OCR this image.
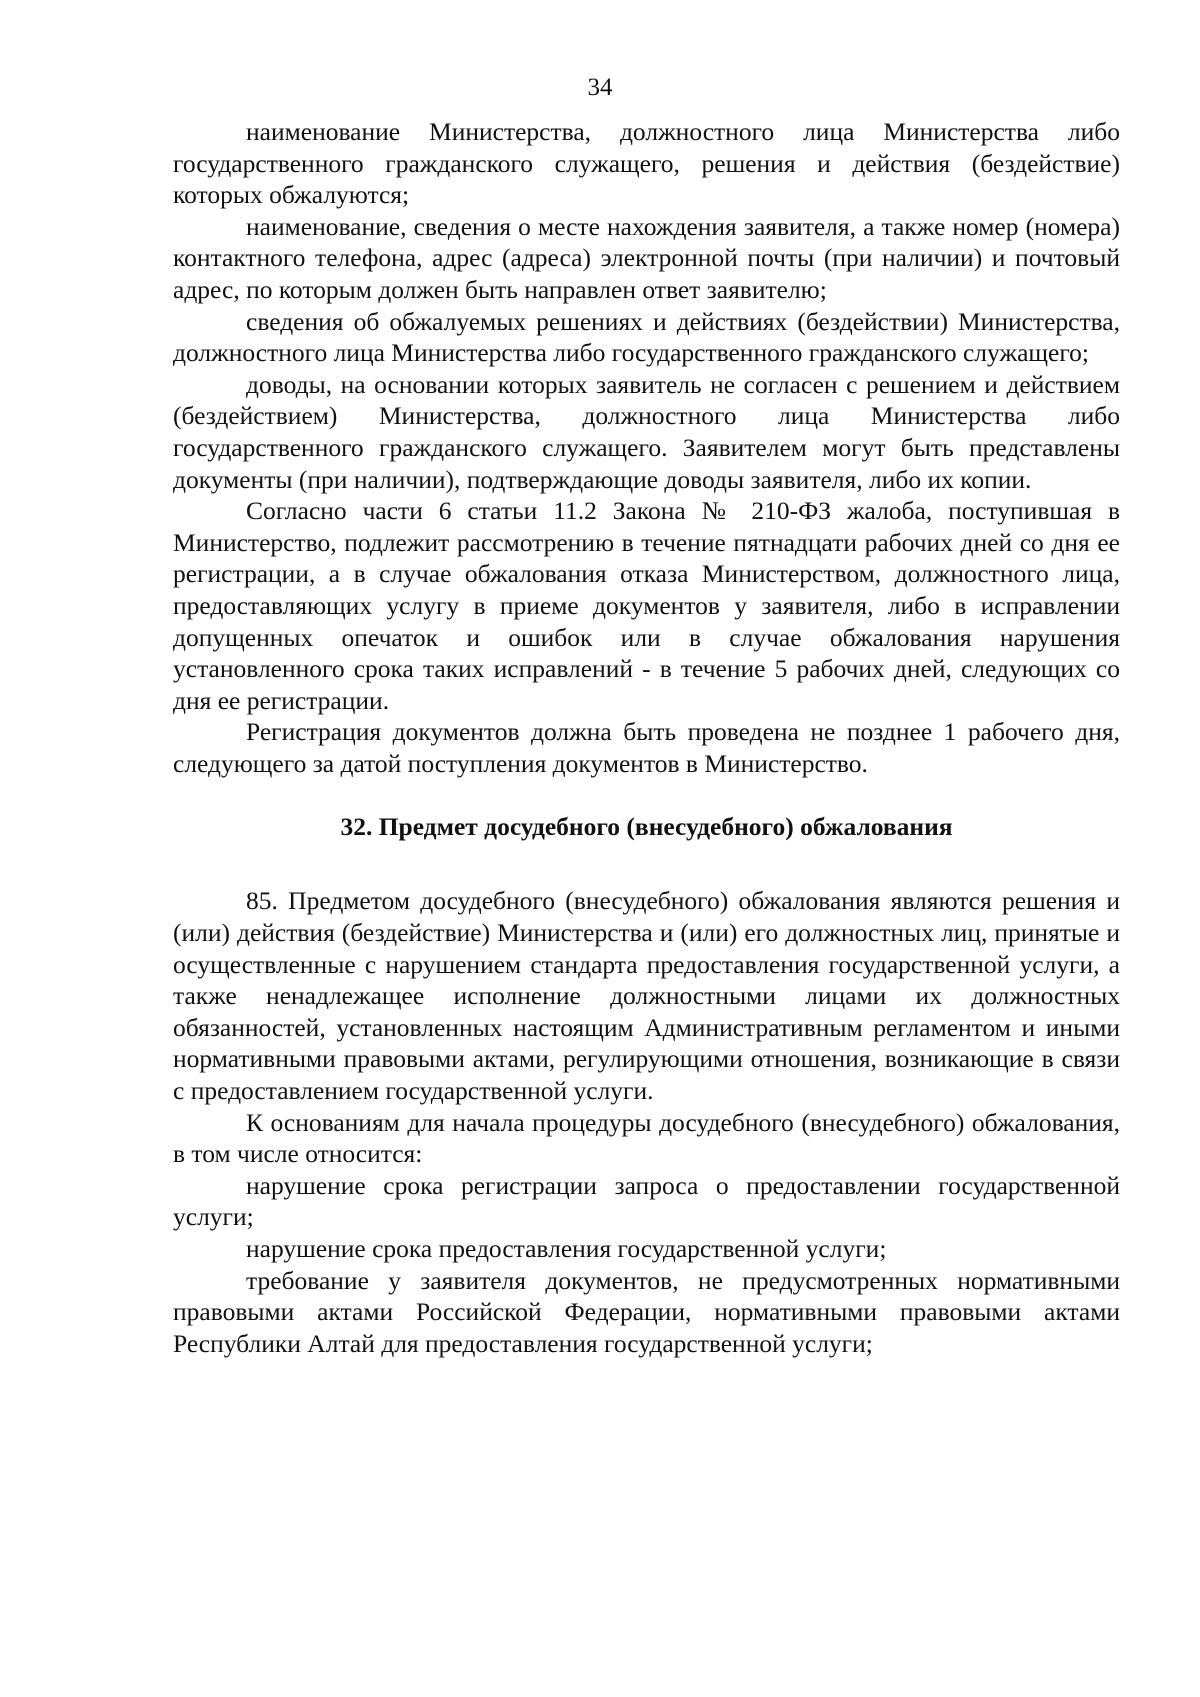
34

наименование Министерства, должностного лица Министерства либо государственного гражданского служащего, решения и действия (бездействие) которых обжалуются;

наименование, сведения о месте нахождения заявителя, а также номер (номера) контактного телефона, адрес (адреса) электронной почты (при наличии) и почтовый адрес, по которым должен быть направлен ответ заявителю;

сведения об обжалуемых решениях и действиях (бездействии) Министерства, должностного лица Министерства либо государственного гражданского служащего;

доводы, на основании которых заявитель не согласен с решением и действием (бездействием) Министерства, должностного лица Министерства либо государственного гражданского служащего. Заявителем могут быть представлены документы (при наличии), подтверждающие доводы заявителя, либо их копии.

Согласно части 6 статьи 11.2 Закона № 210-ФЗ жалоба, поступившая в Министерство, подлежит рассмотрению в течение пятнадцати рабочих дней со дня ее регистрации, а в случае обжалования отказа Министерством, должностного лица, предоставляющих услугу в приеме документов у заявителя, либо в исправлении допущенных опечаток и ошибок или в случае обжалования нарушения установленного срока таких исправлений - в течение 5 рабочих дней, следующих со дня ее регистрации.

Регистрация документов должна быть проведена не позднее 1 рабочего дня, следующего за датой поступления документов в Министерство.

32. Предмет досудебного (внесудебного) обжалования

85. Предметом досудебного (внесудебного) обжалования являются решения и (или) действия (бездействие) Министерства и (или) его должностных лиц, принятые и осуществленные с нарушением стандарта предоставления государственной услуги, а также ненадлежащее исполнение должностными лицами их должностных обязанностей, установленных настоящим Административным регламентом и иными нормативными правовыми актами, регулирующими отношения, возникающие в связи с предоставлением государственной услуги.

К основаниям для начала процедуры досудебного (внесудебного) обжалования, в том числе относится:

нарушение срока регистрации запроса о предоставлении государственной услуги;

нарушение срока предоставления государственной услуги;

требование у заявителя документов, не предусмотренных нормативными правовыми актами Российской Федерации, нормативными правовыми актами Республики Алтай для предоставления государственной услуги;
